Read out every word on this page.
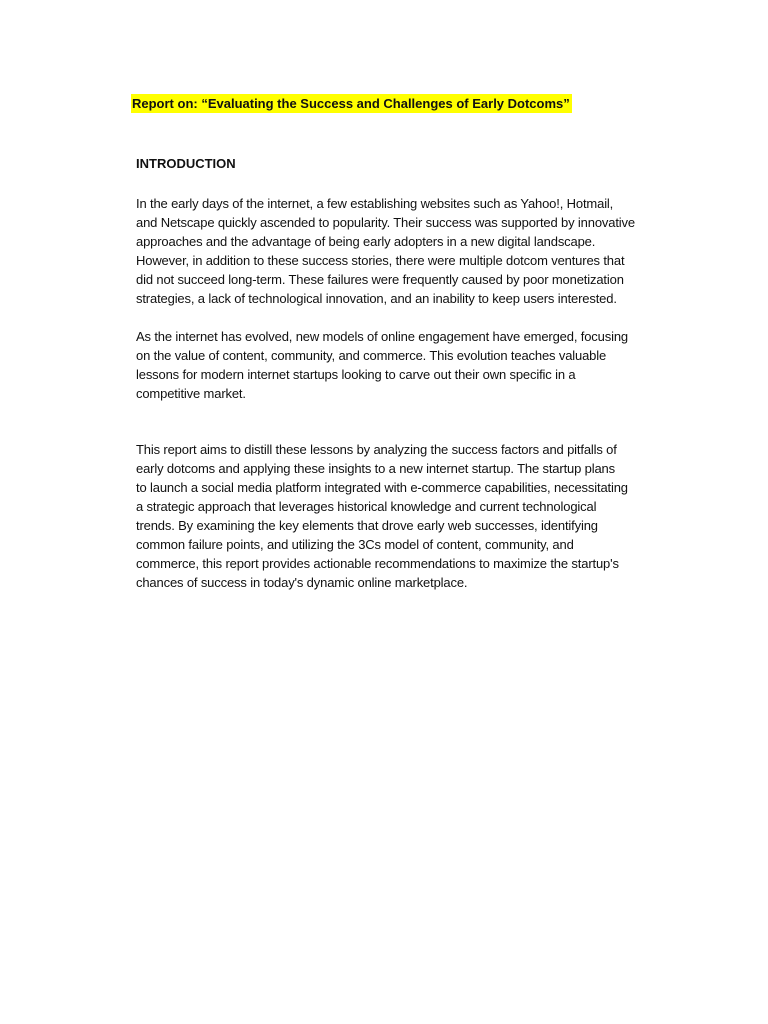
Report on: “Evaluating the Success and Challenges of Early Dotcoms”
INTRODUCTION

In the early days of the internet, a few establishing websites such as Yahoo!, Hotmail,
and Netscape quickly ascended to popularity. Their success was supported by innovative
approaches and the advantage of being early adopters in a new digital landscape.
However, in addition to these success stories, there were multiple dotcom ventures that
did not succeed long-term. These failures were frequently caused by poor monetization
strategies, a lack of technological innovation, and an inability to keep users interested.

As the internet has evolved, new models of online engagement have emerged, focusing
on the value of content, community, and commerce. This evolution teaches valuable
lessons for modern internet startups looking to carve out their own specific in a
competitive market.

This report aims to distill these lessons by analyzing the success factors and pitfalls of
early dotcoms and applying these insights to a new internet startup. The startup plans
to launch a social media platform integrated with e-commerce capabilities, necessitating
a strategic approach that leverages historical knowledge and current technological
trends. By examining the key elements that drove early web successes, identifying
common failure points, and utilizing the 3Cs model of content, community, and
commerce, this report provides actionable recommendations to maximize the startup's
chances of success in today's dynamic online marketplace.
